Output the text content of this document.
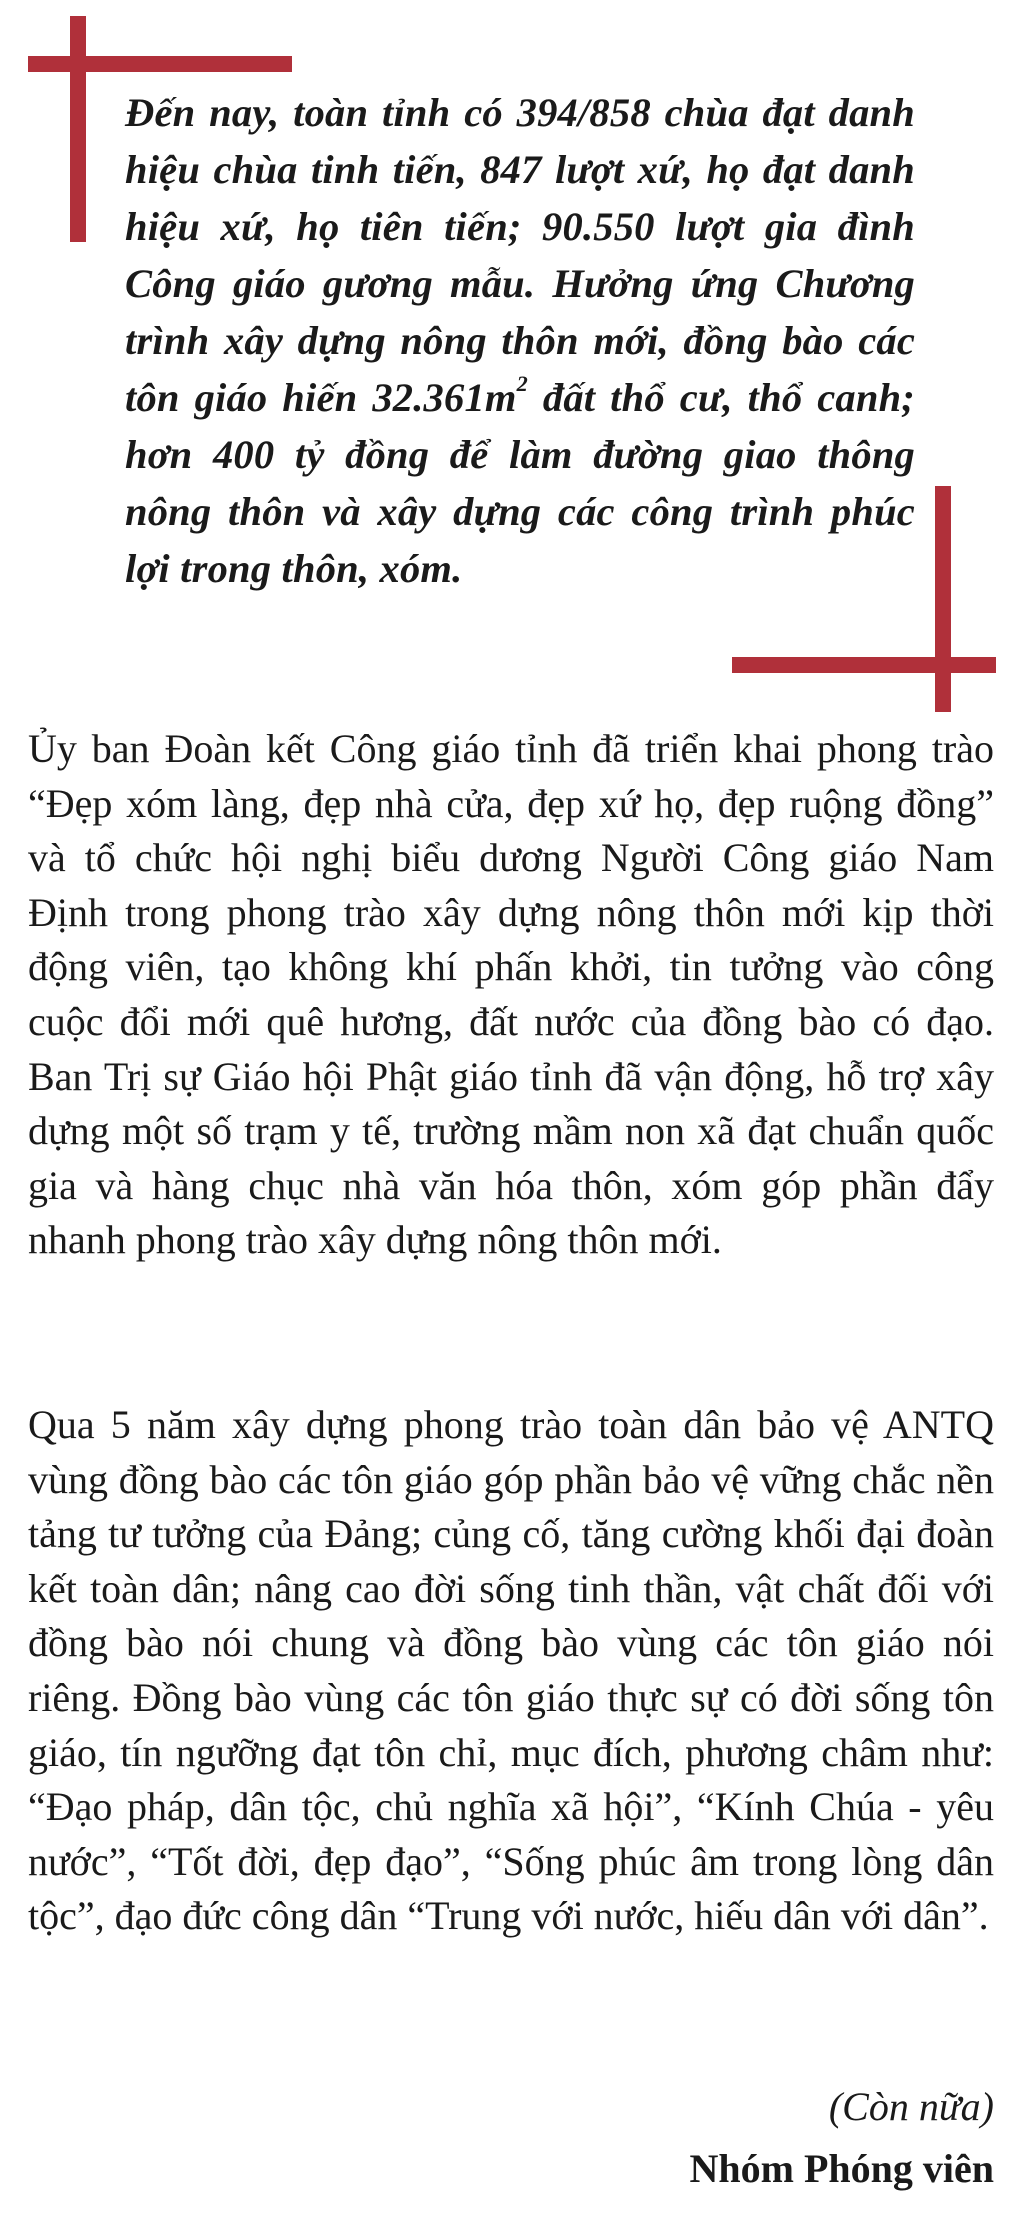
Đến nay, toàn tỉnh có 394/858 chùa đạt danh hiệu chùa tinh tiến, 847 lượt xứ, họ đạt danh hiệu xứ, họ tiên tiến; 90.550 lượt gia đình Công giáo gương mẫu. Hưởng ứng Chương trình xây dựng nông thôn mới, đồng bào các tôn giáo hiến $32.361m^2$ đất thổ cư, thổ canh; hơn 400 tỷ đồng để làm đường giao thông nông thôn và xây dựng các công trình phúc lợi trong thôn, xóm.

Ủy ban Đoàn kết Công giáo tỉnh đã triển khai phong trào “Đẹp xóm làng, đẹp nhà cửa, đẹp xứ họ, đẹp ruộng đồng” và tổ chức hội nghị biểu dương Người Công giáo Nam Định trong phong trào xây dựng nông thôn mới kịp thời động viên, tạo không khí phấn khởi, tin tưởng vào công cuộc đổi mới quê hương, đất nước của đồng bào có đạo. Ban Trị sự Giáo hội Phật giáo tỉnh đã vận động, hỗ trợ xây dựng một số trạm y tế, trường mầm non xã đạt chuẩn quốc gia và hàng chục nhà văn hóa thôn, xóm góp phần đẩy nhanh phong trào xây dựng nông thôn mới.

Qua 5 năm xây dựng phong trào toàn dân bảo vệ ANTQ vùng đồng bào các tôn giáo góp phần bảo vệ vững chắc nền tảng tư tưởng của Đảng; củng cố, tăng cường khối đại đoàn kết toàn dân; nâng cao đời sống tinh thần, vật chất đối với đồng bào nói chung và đồng bào vùng các tôn giáo nói riêng. Đồng bào vùng các tôn giáo thực sự có đời sống tôn giáo, tín ngưỡng đạt tôn chỉ, mục đích, phương châm như: “Đạo pháp, dân tộc, chủ nghĩa xã hội”, “Kính Chúa - yêu nước”, “Tốt đời, đẹp đạo”, “Sống phúc âm trong lòng dân tộc”, đạo đức công dân “Trung với nước, hiếu dân với dân”.

(Còn nữa)

Nhóm Phóng viên
